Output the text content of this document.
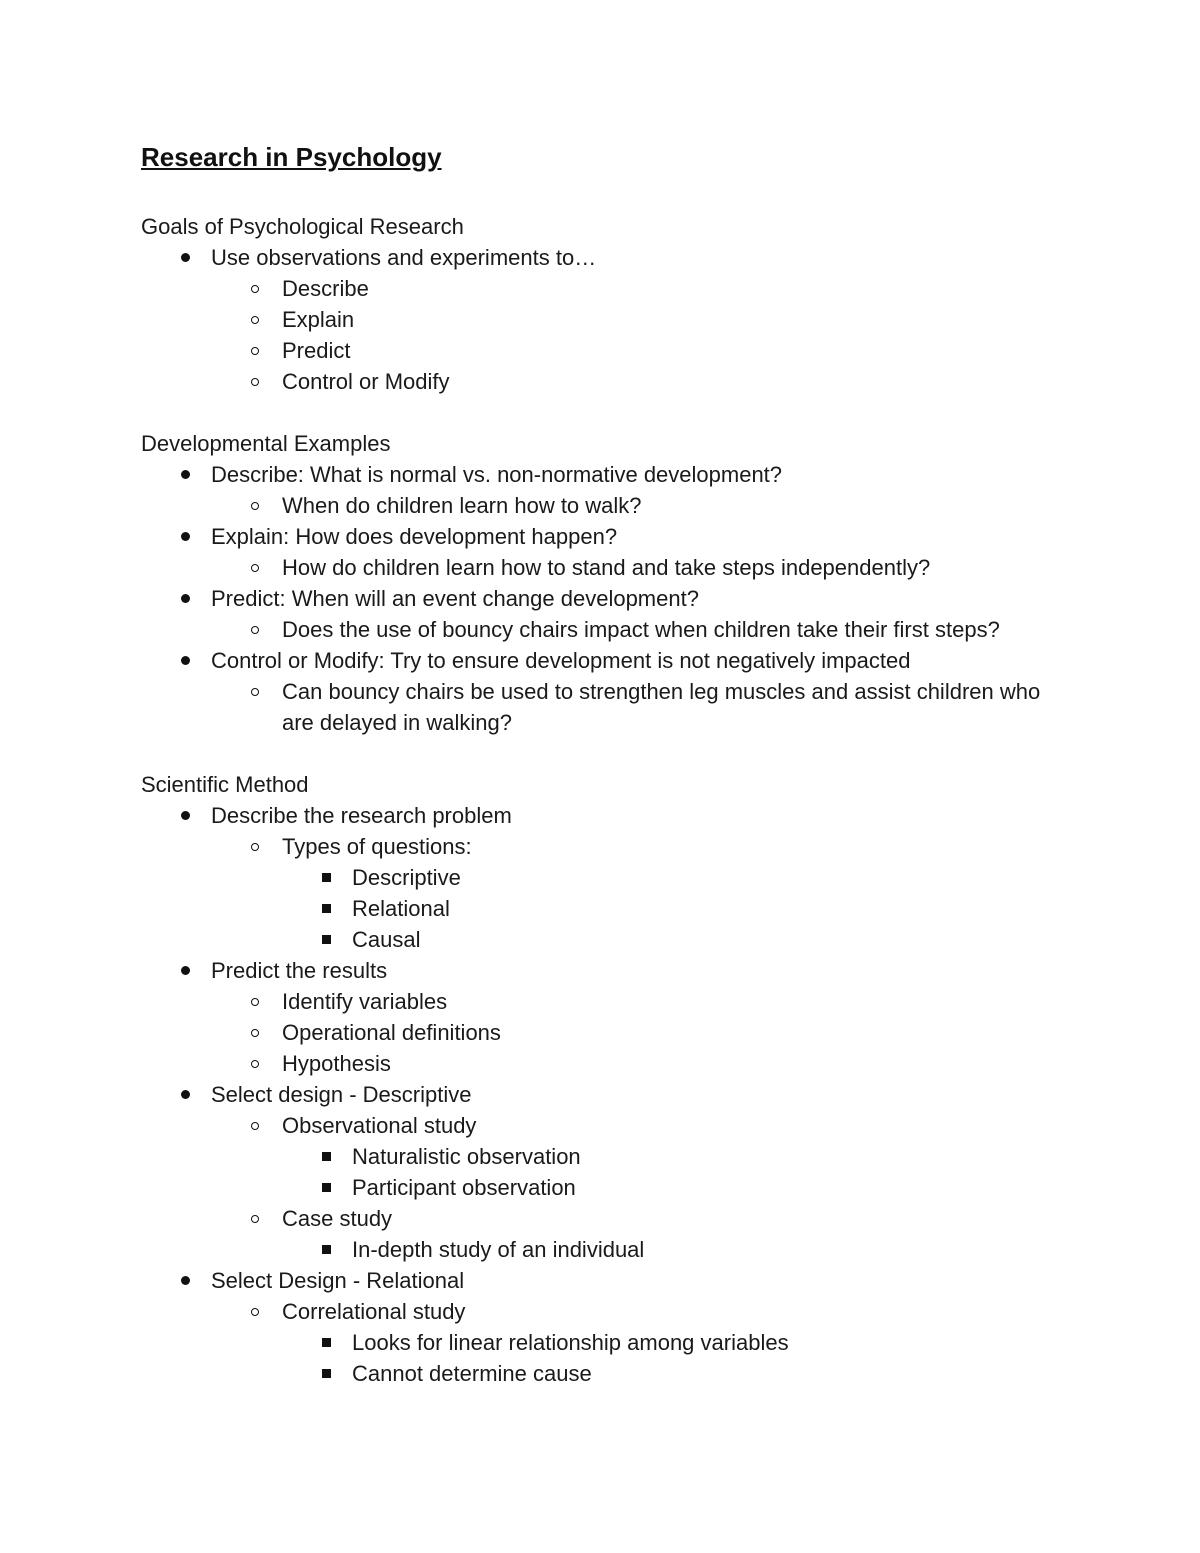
Research in Psychology
Goals of Psychological Research
Use observations and experiments to…
Describe
Explain
Predict
Control or Modify
Developmental Examples
Describe: What is normal vs. non-normative development?
When do children learn how to walk?
Explain: How does development happen?
How do children learn how to stand and take steps independently?
Predict: When will an event change development?
Does the use of bouncy chairs impact when children take their first steps?
Control or Modify: Try to ensure development is not negatively impacted
Can bouncy chairs be used to strengthen leg muscles and assist children who are delayed in walking?
Scientific Method
Describe the research problem
Types of questions:
Descriptive
Relational
Causal
Predict the results
Identify variables
Operational definitions
Hypothesis
Select design - Descriptive
Observational study
Naturalistic observation
Participant observation
Case study
In-depth study of an individual
Select Design - Relational
Correlational study
Looks for linear relationship among variables
Cannot determine cause
